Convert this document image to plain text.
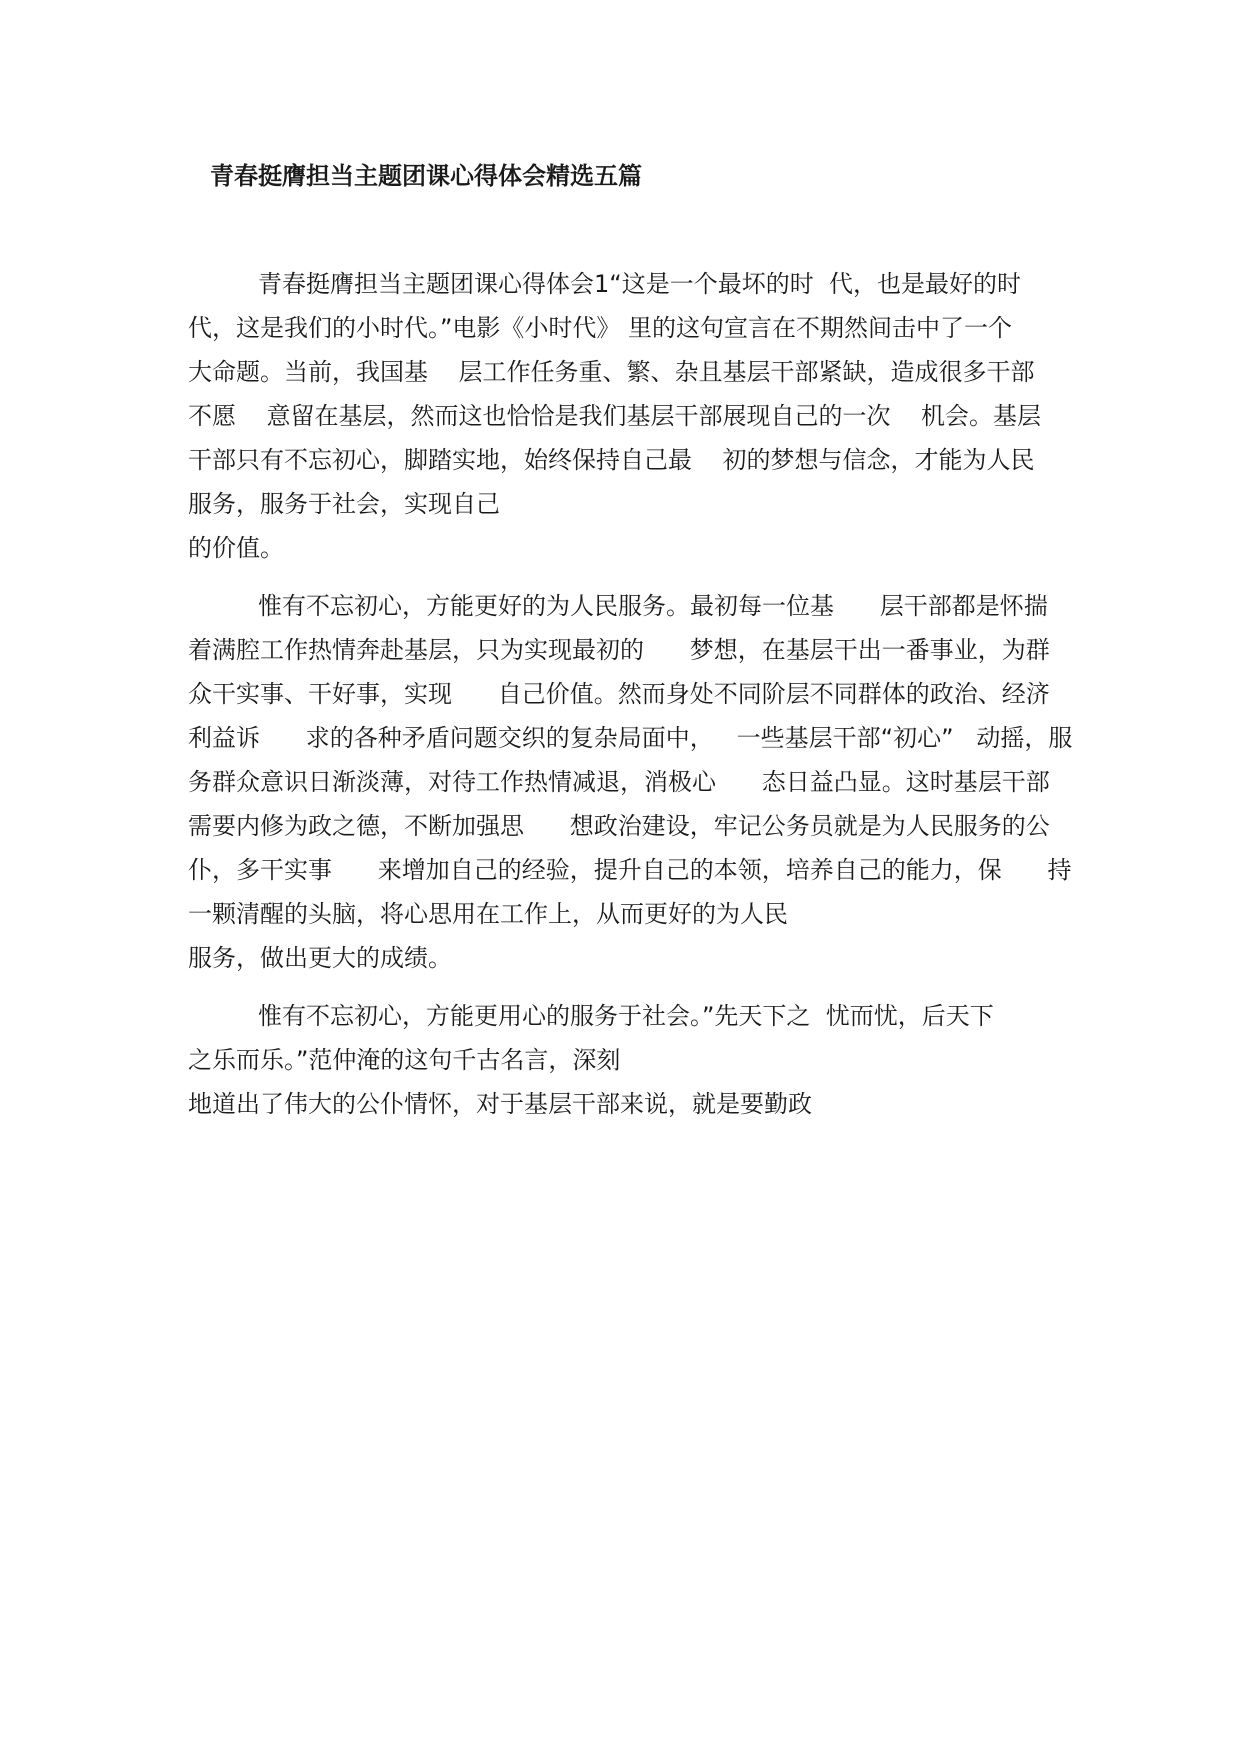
青春挺膺担当主题团课心得体会精选五篇
青春挺膺担当主题团课心得体会1“这是一个最坏的时  代，也是最好的时
代，这是我们的小时代。”电影《小时代》 里的这句宣言在不期然间击中了一个
大命题。当前，我国基    层工作任务重、繁、杂且基层干部紧缺，造成很多干部
不愿    意留在基层，然而这也恰恰是我们基层干部展现自己的一次    机会。基层
干部只有不忘初心，脚踏实地，始终保持自己最    初的梦想与信念，才能为人民
服务，服务于社会，实现自己
的价值。
惟有不忘初心，方能更好的为人民服务。最初每一位基      层干部都是怀揣
着满腔工作热情奔赴基层，只为实现最初的      梦想，在基层干出一番事业，为群
众干实事、干好事，实现      自己价值。然而身处不同阶层不同群体的政治、经济
利益诉      求的各种矛盾问题交织的复杂局面中，   一些基层干部“初心”   动摇，服
务群众意识日渐淡薄，对待工作热情减退，消极心      态日益凸显。这时基层干部
需要内修为政之德，不断加强思      想政治建设，牢记公务员就是为人民服务的公
仆，多干实事      来增加自己的经验，提升自己的本领，培养自己的能力，保      持
一颗清醒的头脑，将心思用在工作上，从而更好的为人民
服务，做出更大的成绩。
惟有不忘初心，方能更用心的服务于社会。”先天下之  忧而忧，后天下
之乐而乐。”范仲淹的这句千古名言，深刻
地道出了伟大的公仆情怀，对于基层干部来说，就是要勤政
